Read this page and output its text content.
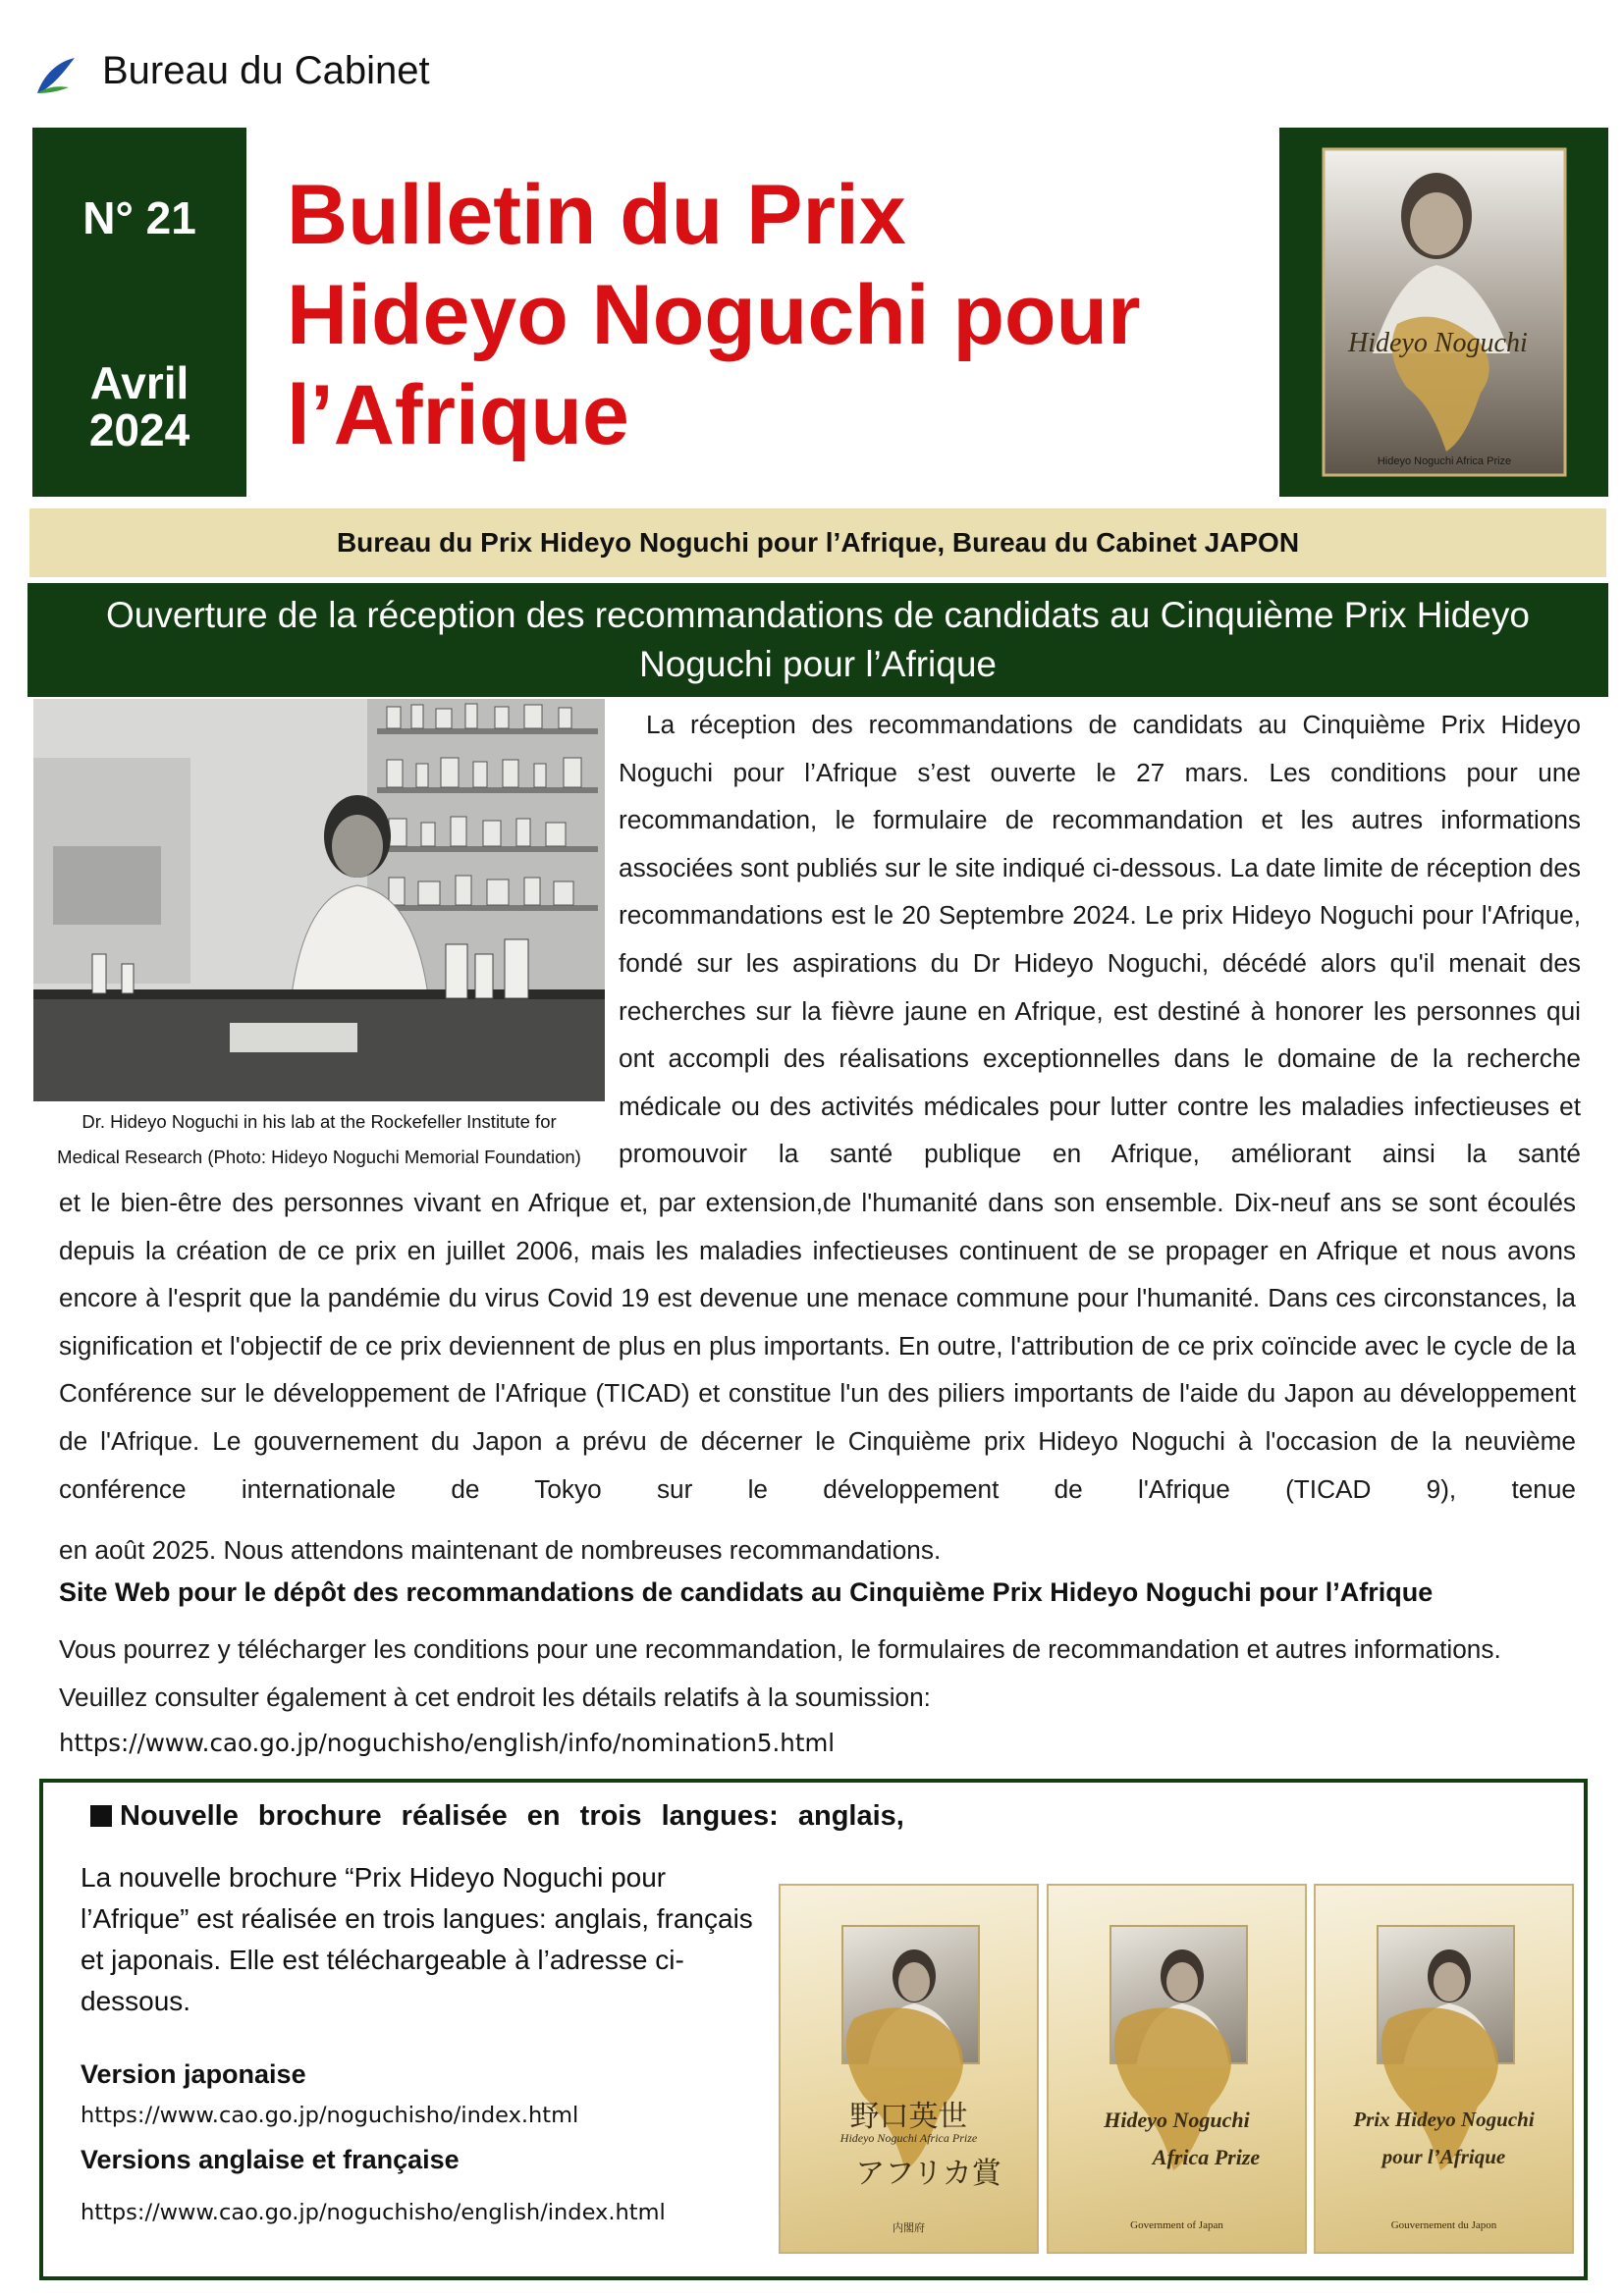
Bureau du Cabinet
N° 21
Avril
2024
Bulletin du Prix
Hideyo Noguchi pour
l’Afrique
Hideyo Noguchi
Hideyo Noguchi Africa Prize
Bureau du Prix Hideyo Noguchi pour l’Afrique, Bureau du Cabinet JAPON
Ouverture de la réception des recommandations de candidats au Cinquième Prix Hideyo
Noguchi pour l’Afrique
Dr. Hideyo Noguchi in his lab at the Rockefeller Institute for
Medical Research (Photo: Hideyo Noguchi Memorial Foundation)

La réception des recommandations de candidats au Cinquième Prix Hideyo Noguchi pour l’Afrique s’est ouverte le 27 mars. Les conditions pour une recommandation, le formulaire de recommandation et les autres informations associées sont publiés sur le site indiqué ci-dessous. La date limite de réception des recommandations est le 20 Septembre 2024. Le prix Hideyo Noguchi pour l'Afrique, fondé sur les aspirations du Dr Hideyo Noguchi, décédé alors qu'il menait des recherches sur la fièvre jaune en Afrique, est destiné à honorer les personnes qui ont accompli des réalisations exceptionnelles dans le domaine de la recherche médicale ou des activités médicales pour lutter contre les maladies infectieuses et promouvoir la santé publique en Afrique, améliorant ainsi la santé

et le bien-être des personnes vivant en Afrique et, par extension,de l'humanité dans son ensemble. Dix-neuf ans se sont écoulés depuis la création de ce prix en juillet 2006, mais les maladies infectieuses continuent de se propager en Afrique et nous avons encore à l'esprit que la pandémie du virus Covid 19 est devenue une menace commune pour l'humanité. Dans ces circonstances, la signification et l'objectif de ce prix deviennent de plus en plus importants. En outre, l'attribution de ce prix coïncide avec le cycle de la Conférence sur le développement de l'Afrique (TICAD) et constitue l'un des piliers importants de l'aide du Japon au développement de l'Afrique. Le gouvernement du Japon a prévu de décerner le Cinquième prix Hideyo Noguchi à l'occasion de la neuvième conférence internationale de Tokyo sur le développement de l'Afrique (TICAD 9), tenue

en août 2025. Nous attendons maintenant de nombreuses recommandations.

Site Web pour le dépôt des recommandations de candidats au Cinquième Prix Hideyo Noguchi pour l’Afrique

Vous pourrez y télécharger les conditions pour une recommandation, le formulaires de recommandation et autres informations. Veuillez consulter également à cet endroit les détails relatifs à la soumission:

https://www.cao.go.jp/noguchisho/english/info/nomination5.html
Nouvelle brochure réalisée en trois langues: anglais,

La nouvelle brochure “Prix Hideyo Noguchi pour l’Afrique” est réalisée en trois langues: anglais, français et japonais. Elle est téléchargeable à l’adresse ci-dessous.

Version japonaise
https://www.cao.go.jp/noguchisho/index.html
Versions anglaise et française
https://www.cao.go.jp/noguchisho/english/index.html
野口英世
Hideyo Noguchi Africa Prize
アフリカ賞
内閣府
Hideyo Noguchi
Africa Prize
Government of Japan
Prix Hideyo Noguchi
pour l’Afrique
Gouvernement du Japon
